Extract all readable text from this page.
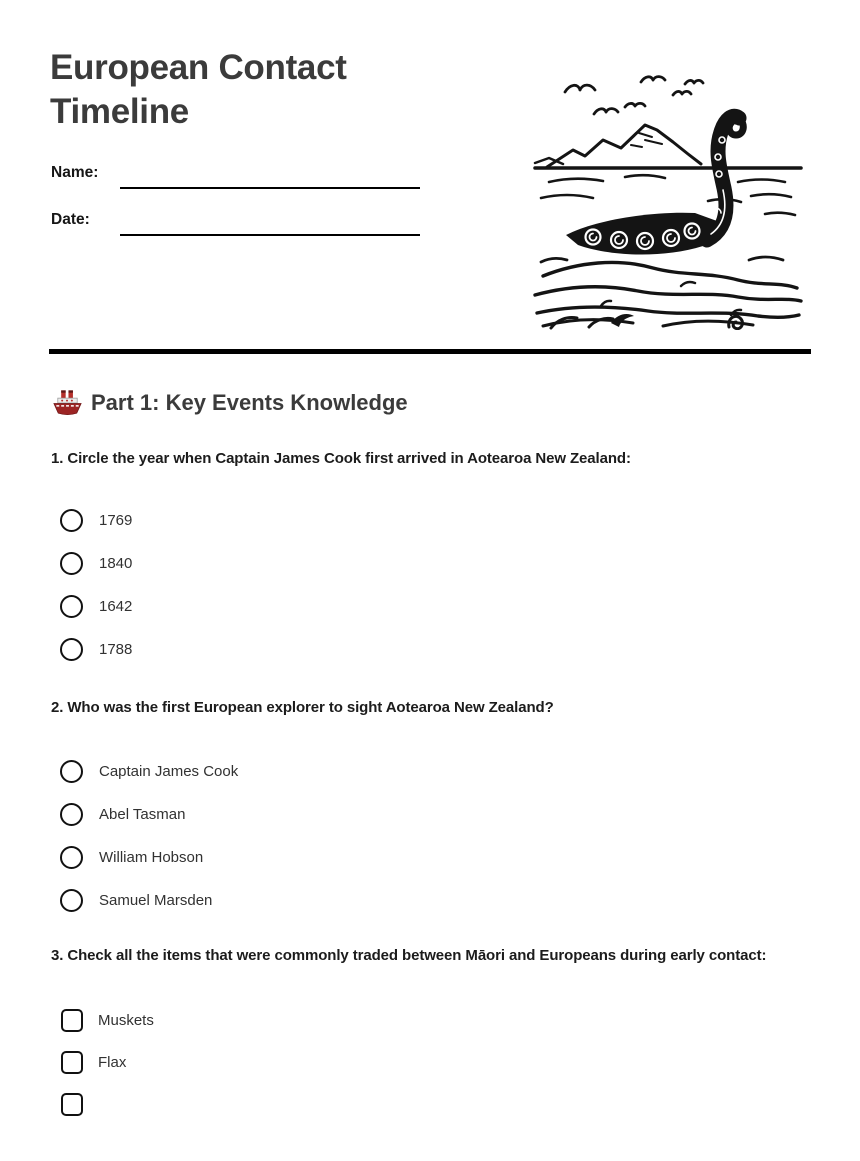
European Contact Timeline
Name:
Date:
Part 1: Key Events Knowledge

1. Circle the year when Captain James Cook first arrived in Aotearoa New Zealand:

1769
1840
1642
1788

2. Who was the first European explorer to sight Aotearoa New Zealand?

Captain James Cook
Abel Tasman
William Hobson
Samuel Marsden

3. Check all the items that were commonly traded between Māori and Europeans during early contact:

Muskets
Flax
